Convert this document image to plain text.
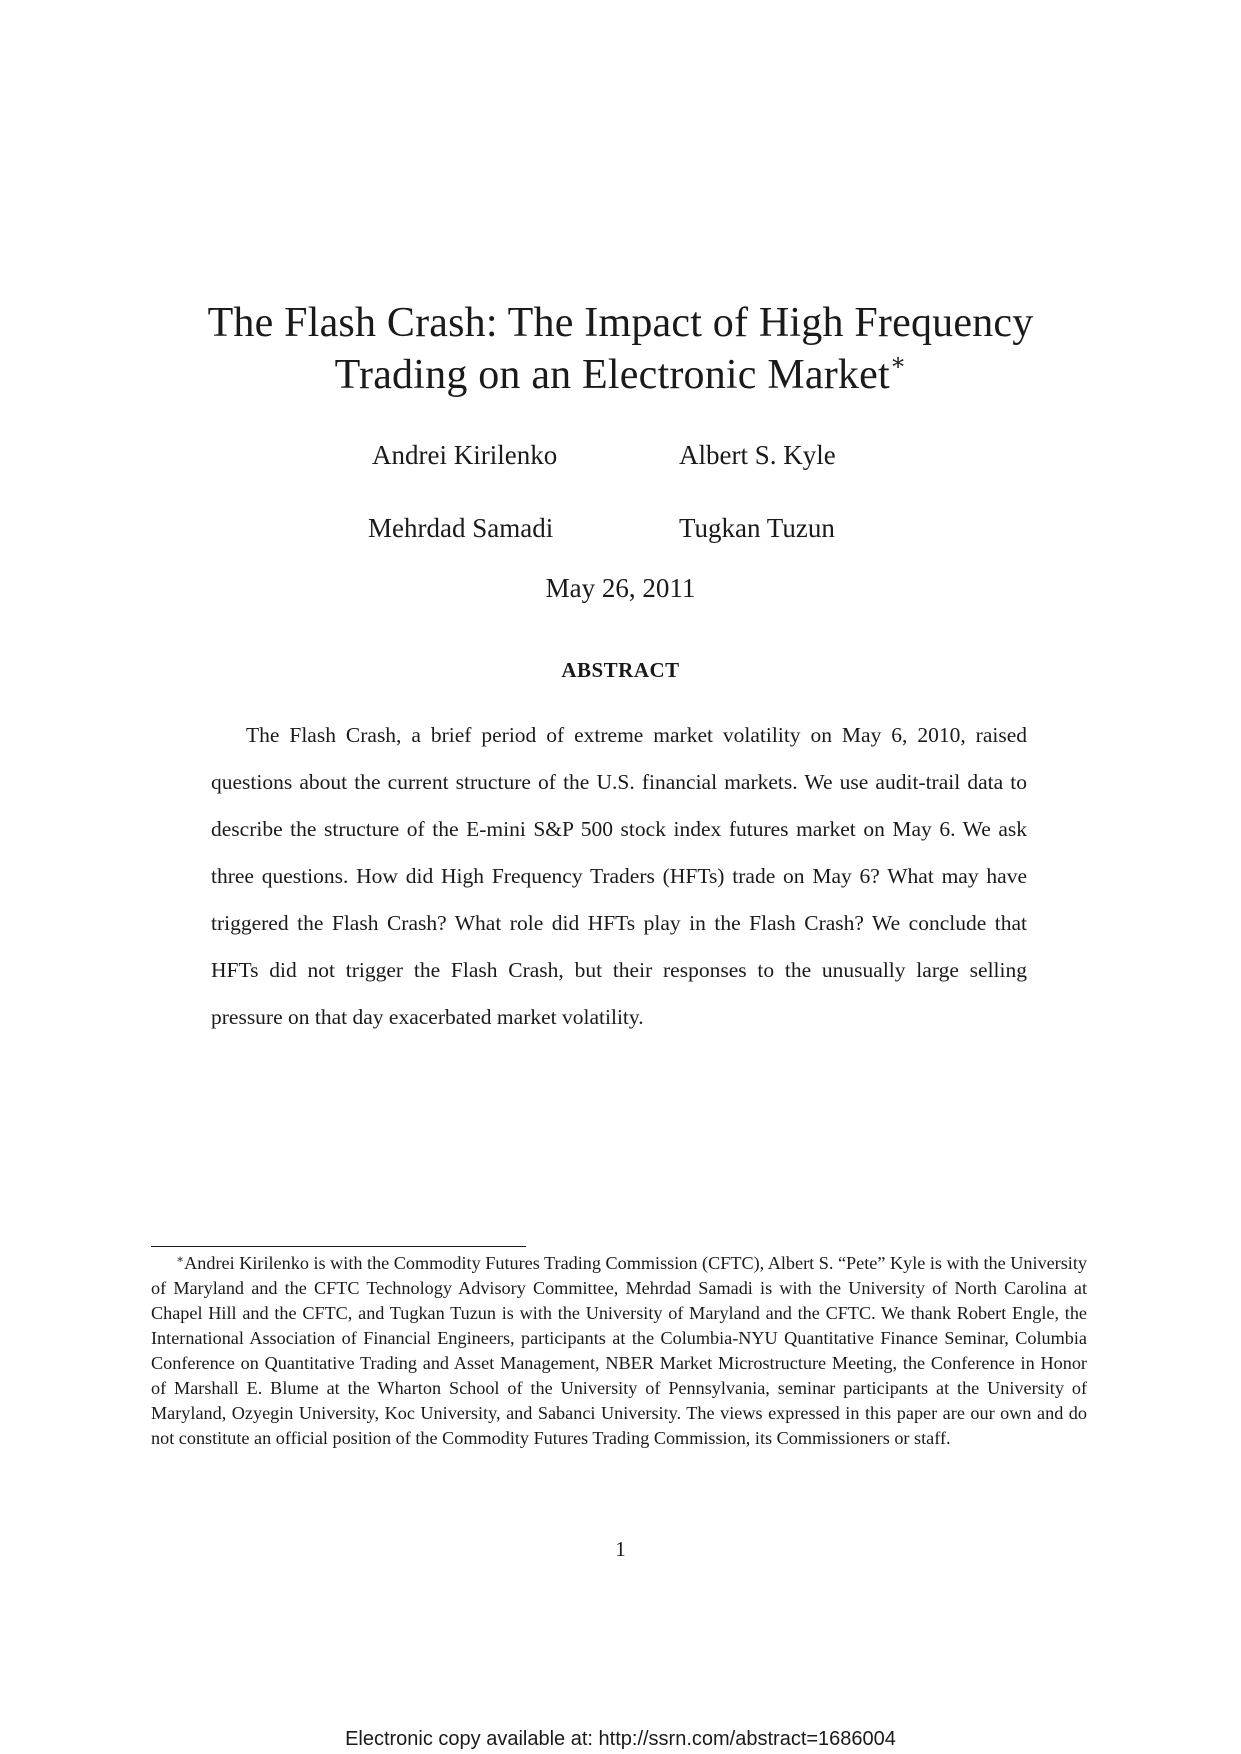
The Flash Crash: The Impact of High Frequency
Trading on an Electronic Market∗
Andrei Kirilenko	Albert S. Kyle
Mehrdad Samadi	Tugkan Tuzun
May 26, 2011
ABSTRACT

The Flash Crash, a brief period of extreme market volatility on May 6, 2010, raised questions about the current structure of the U.S. financial markets. We use audit-trail data to describe the structure of the E-mini S&P 500 stock index futures market on May 6. We ask three questions. How did High Frequency Traders (HFTs) trade on May 6? What may have triggered the Flash Crash? What role did HFTs play in the Flash Crash? We conclude that HFTs did not trigger the Flash Crash, but their responses to the unusually large selling pressure on that day exacerbated market volatility.

∗Andrei Kirilenko is with the Commodity Futures Trading Commission (CFTC), Albert S. “Pete” Kyle is with the University of Maryland and the CFTC Technology Advisory Committee, Mehrdad Samadi is with the University of North Carolina at Chapel Hill and the CFTC, and Tugkan Tuzun is with the University of Maryland and the CFTC. We thank Robert Engle, the International Association of Financial Engineers, participants at the Columbia-NYU Quantitative Finance Seminar, Columbia Conference on Quantitative Trading and Asset Management, NBER Market Microstructure Meeting, the Conference in Honor of Marshall E. Blume at the Wharton School of the University of Pennsylvania, seminar participants at the University of Maryland, Ozyegin University, Koc University, and Sabanci University. The views expressed in this paper are our own and do not constitute an official position of the Commodity Futures Trading Commission, its Commissioners or staff.

1
Electronic copy available at: http://ssrn.com/abstract=1686004
